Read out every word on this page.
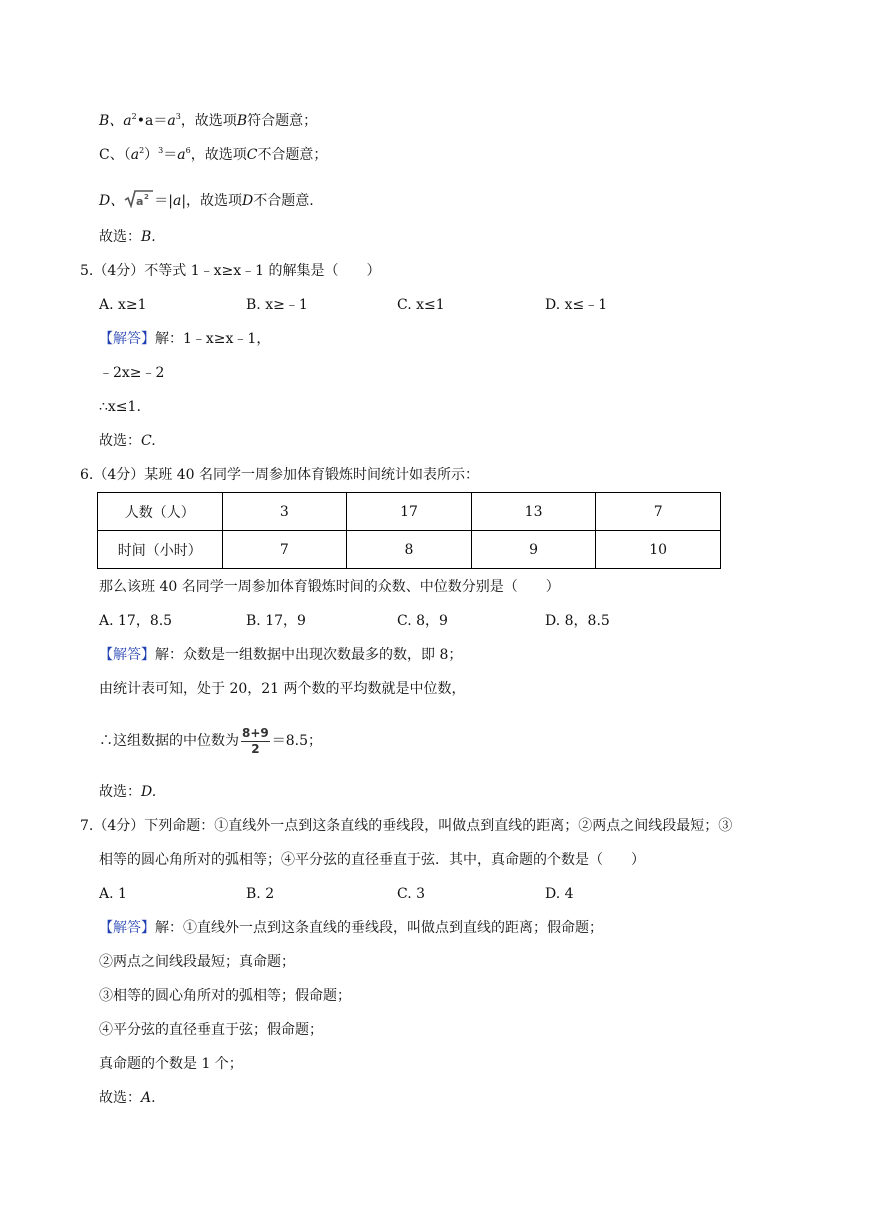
B、$a^2•a=a^3$，故选项B符合题意；
C、$(a^2)^3=a^6$，故选项C不合题意；
D、 a 2 ＝|a|，故选项D不合题意.
故选：B.
5.（4分）不等式 1﹣x≥x﹣1 的解集是（　　）
A. x≥1	B. x≥﹣1	C. x≤1	D. x≤﹣1
【解答】解：1﹣x≥x﹣1，
﹣2x≥﹣2
∴x≤1.
故选：C.
6.（4分）某班 40 名同学一周参加体育锻炼时间统计如表所示：
人数（人）	3	17	13	7
时间（小时）	7	8	9	10
那么该班 40 名同学一周参加体育锻炼时间的众数、中位数分别是（　　）
A. 17，8.5	B. 17，9	C. 8，9	D. 8，8.5
【解答】解：众数是一组数据中出现次数最多的数，即 8；
由统计表可知，处于 20，21 两个数的平均数就是中位数，
∴这组数据的中位数为 $\frac{8+9}{2} =8.5$；
故选：D.
7.（4分）下列命题：①直线外一点到这条直线的垂线段，叫做点到直线的距离；②两点之间线段最短；③
相等的圆心角所对的弧相等；④平分弦的直径垂直于弦．其中，真命题的个数是（　　）
A. 1	B. 2	C. 3	D. 4
【解答】解：①直线外一点到这条直线的垂线段，叫做点到直线的距离；假命题；
②两点之间线段最短；真命题；
③相等的圆心角所对的弧相等；假命题；
④平分弦的直径垂直于弦；假命题；
真命题的个数是 1 个；
故选：A.
